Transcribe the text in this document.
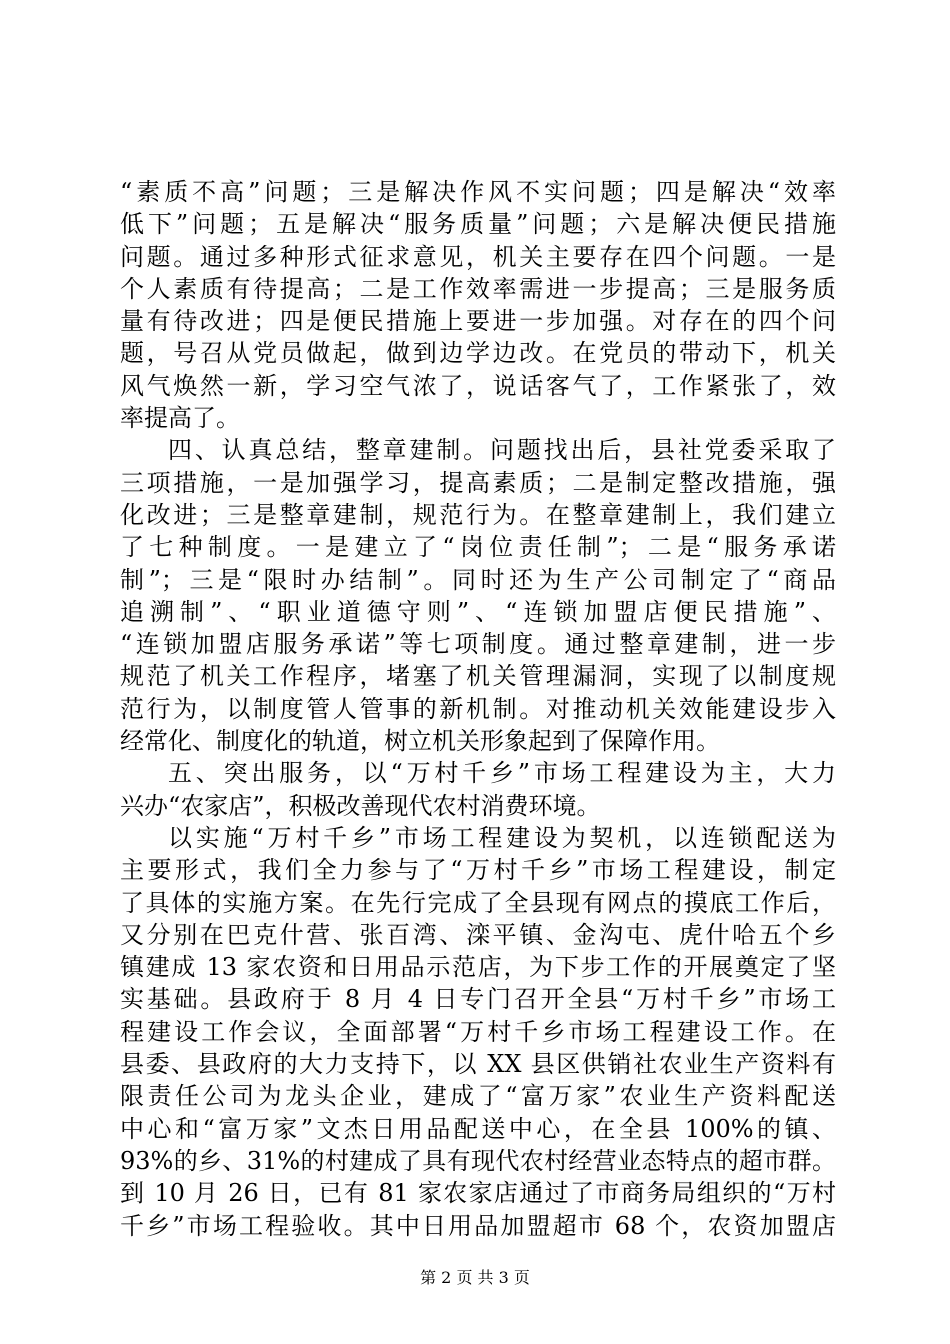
“素质不高”问题；三是解决作风不实问题；四是解决“效率
低下”问题；五是解决“服务质量”问题；六是解决便民措施
问题。通过多种形式征求意见，机关主要存在四个问题。一是
个人素质有待提高；二是工作效率需进一步提高；三是服务质
量有待改进；四是便民措施上要进一步加强。对存在的四个问
题，号召从党员做起，做到边学边改。在党员的带动下，机关
风气焕然一新，学习空气浓了，说话客气了，工作紧张了，效
率提高了。
四、认真总结，整章建制。问题找出后，县社党委采取了
三项措施，一是加强学习，提高素质；二是制定整改措施，强
化改进；三是整章建制，规范行为。在整章建制上，我们建立
了七种制度。一是建立了“岗位责任制”；二是“服务承诺
制”；三是“限时办结制”。同时还为生产公司制定了“商品
追溯制”、“职业道德守则”、“连锁加盟店便民措施”、
“连锁加盟店服务承诺”等七项制度。通过整章建制，进一步
规范了机关工作程序，堵塞了机关管理漏洞，实现了以制度规
范行为，以制度管人管事的新机制。对推动机关效能建设步入
经常化、制度化的轨道，树立机关形象起到了保障作用。
五、突出服务，以“万村千乡”市场工程建设为主，大力
兴办“农家店”，积极改善现代农村消费环境。
以实施“万村千乡”市场工程建设为契机，以连锁配送为
主要形式，我们全力参与了“万村千乡”市场工程建设，制定
了具体的实施方案。在先行完成了全县现有网点的摸底工作后，
又分别在巴克什营、张百湾、滦平镇、金沟屯、虎什哈五个乡
镇建成 13 家农资和日用品示范店，为下步工作的开展奠定了坚
实基础。县政府于 8 月 4 日专门召开全县“万村千乡”市场工
程建设工作会议，全面部署“万村千乡市场工程建设工作。在
县委、县政府的大力支持下，以 XX 县区供销社农业生产资料有
限责任公司为龙头企业，建成了“富万家”农业生产资料配送
中心和“富万家”文杰日用品配送中心，在全县 100%的镇、
93%的乡、31%的村建成了具有现代农村经营业态特点的超市群。
到 10 月 26 日，已有 81 家农家店通过了市商务局组织的“万村
千乡”市场工程验收。其中日用品加盟超市 68 个，农资加盟店
第 2 页 共 3 页
